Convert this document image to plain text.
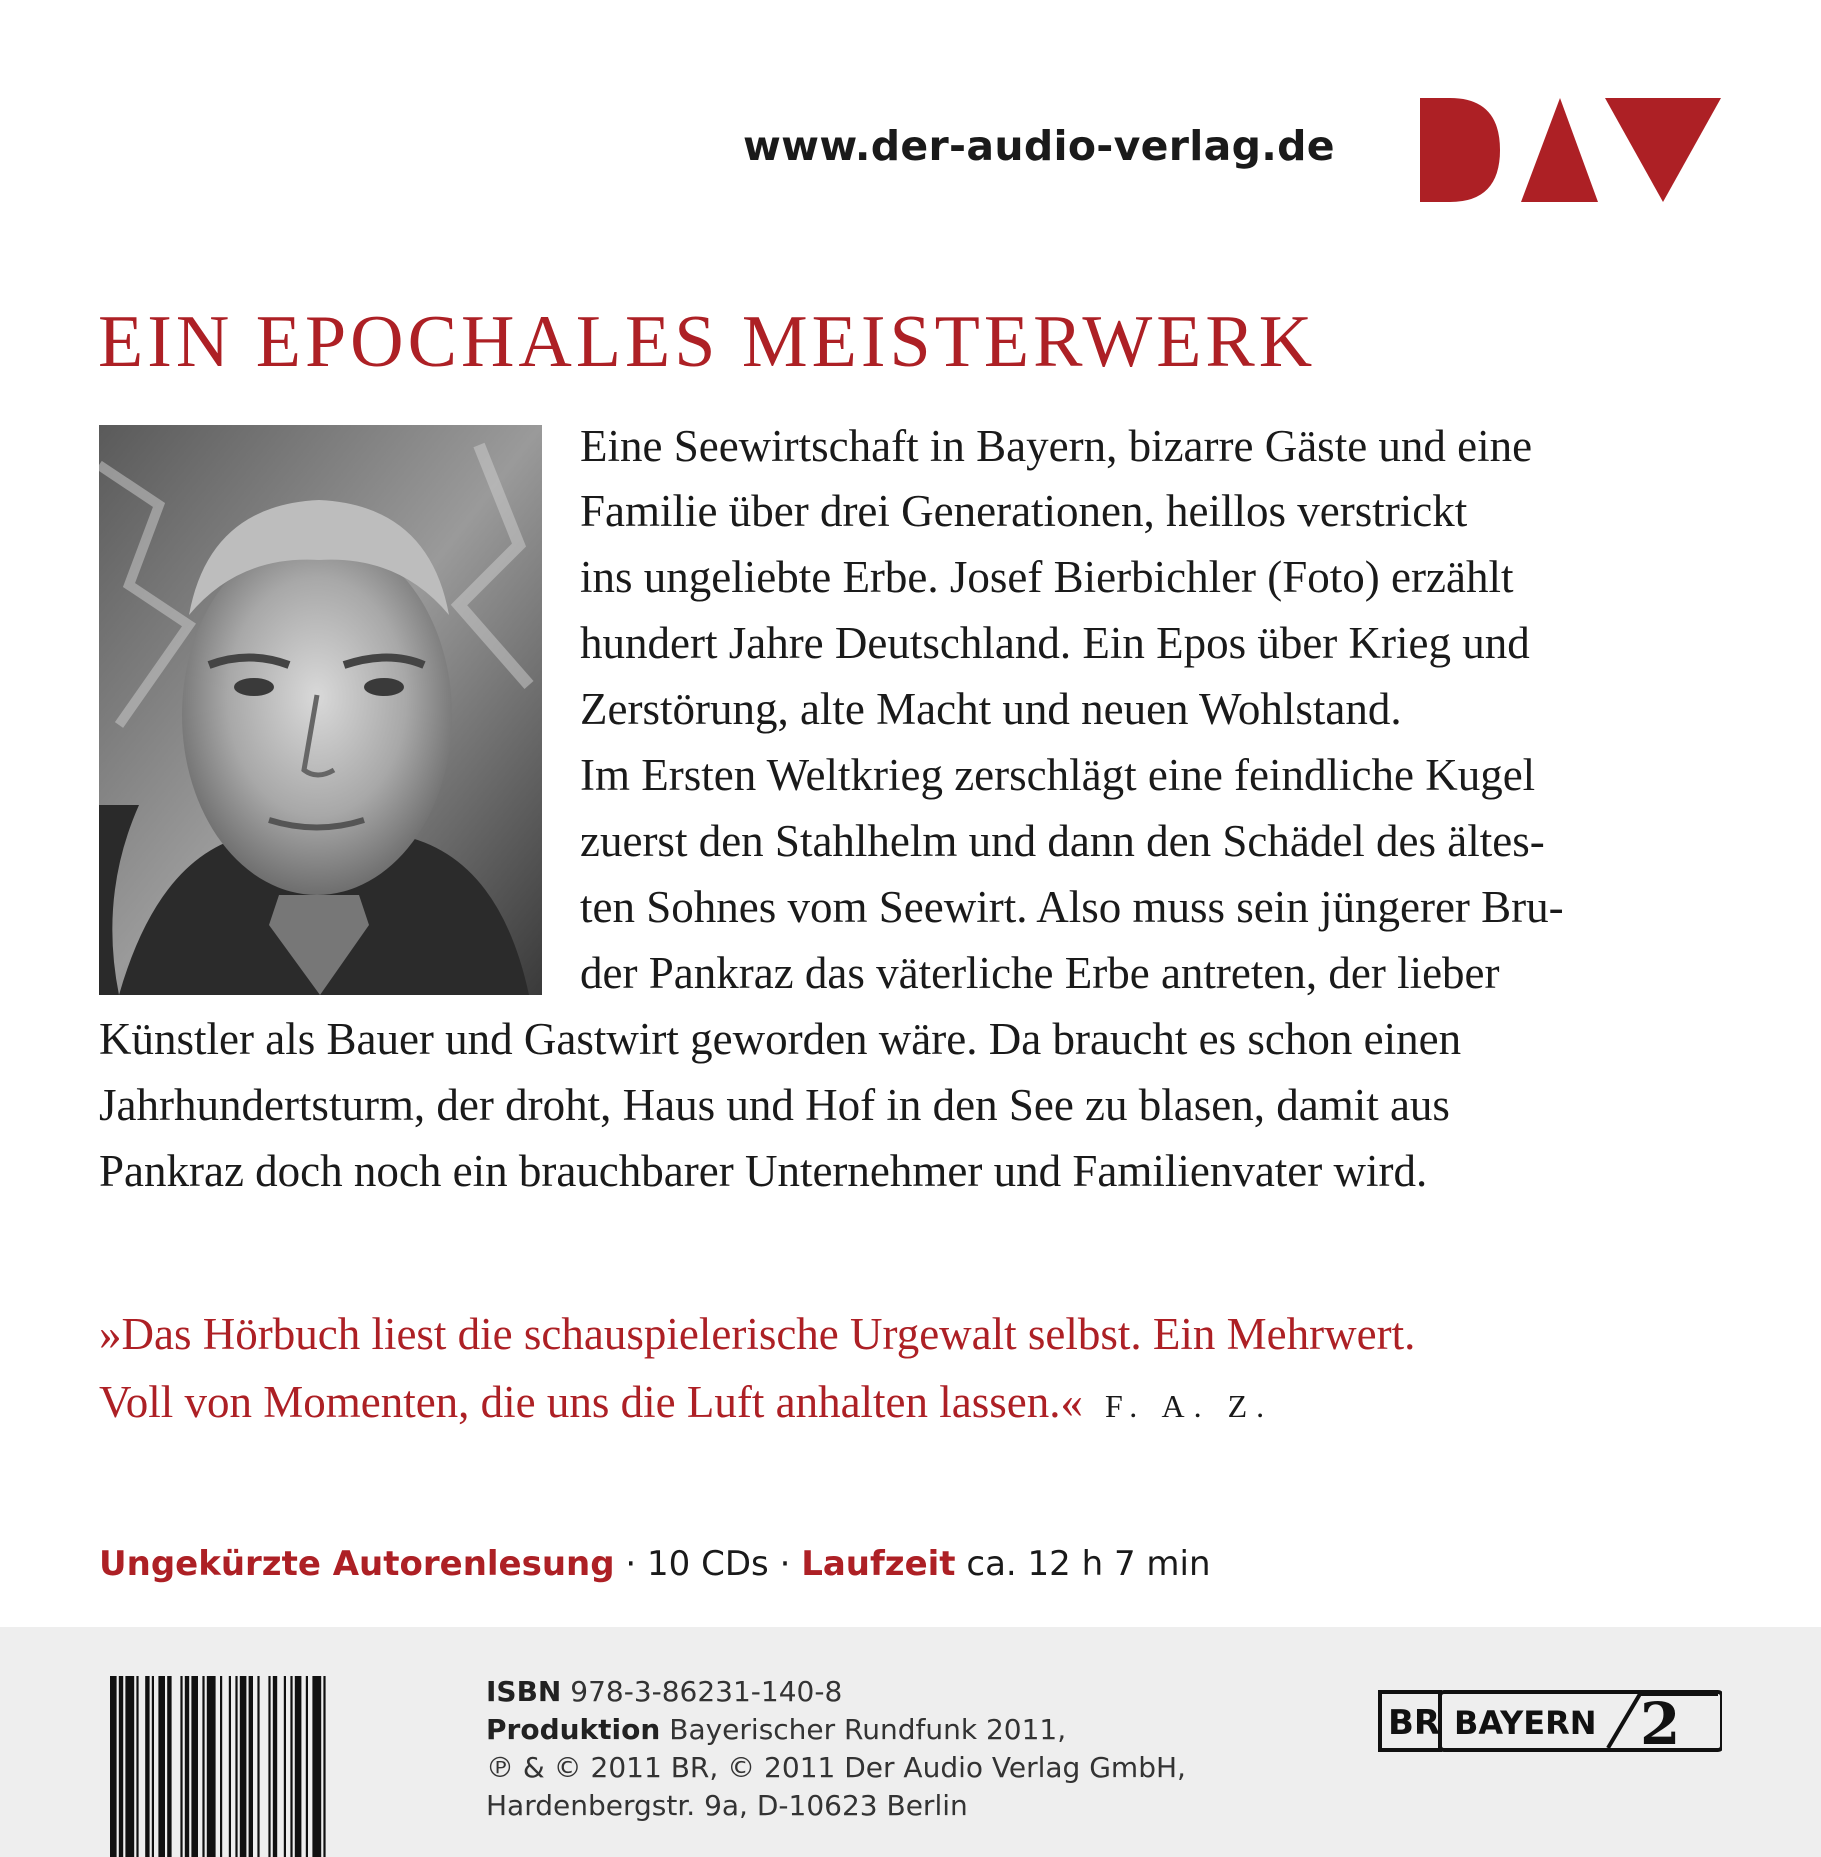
www.der-audio-verlag.de
EIN EPOCHALES MEISTERWERK
Eine Seewirtschaft in Bayern, bizarre Gäste und eine
Familie über drei Generationen, heillos verstrickt
ins ungeliebte Erbe. Josef Bierbichler (Foto) erzählt
hundert Jahre Deutschland. Ein Epos über Krieg und
Zerstörung, alte Macht und neuen Wohlstand.
Im Ersten Weltkrieg zerschlägt eine feindliche Kugel
zuerst den Stahlhelm und dann den Schädel des ältes-
ten Sohnes vom Seewirt. Also muss sein jüngerer Bru-
der Pankraz das väterliche Erbe antreten, der lieber
Künstler als Bauer und Gastwirt geworden wäre. Da braucht es schon einen
Jahrhundertsturm, der droht, Haus und Hof in den See zu blasen, damit aus
Pankraz doch noch ein brauchbarer Unternehmer und Familienvater wird.
»Das Hörbuch liest die schauspielerische Urgewalt selbst. Ein Mehrwert.
Voll von Momenten, die uns die Luft anhalten lassen.« F. A. Z.
Ungekürzte Autorenlesung · 10 CDs · Laufzeit ca. 12 h 7 min
ISBN 978-3-86231-140-8
Produktion Bayerischer Rundfunk 2011,
℗ & © 2011 BR, © 2011 Der Audio Verlag GmbH,
Hardenbergstr. 9a, D-10623 Berlin
BR BAYERN 2
